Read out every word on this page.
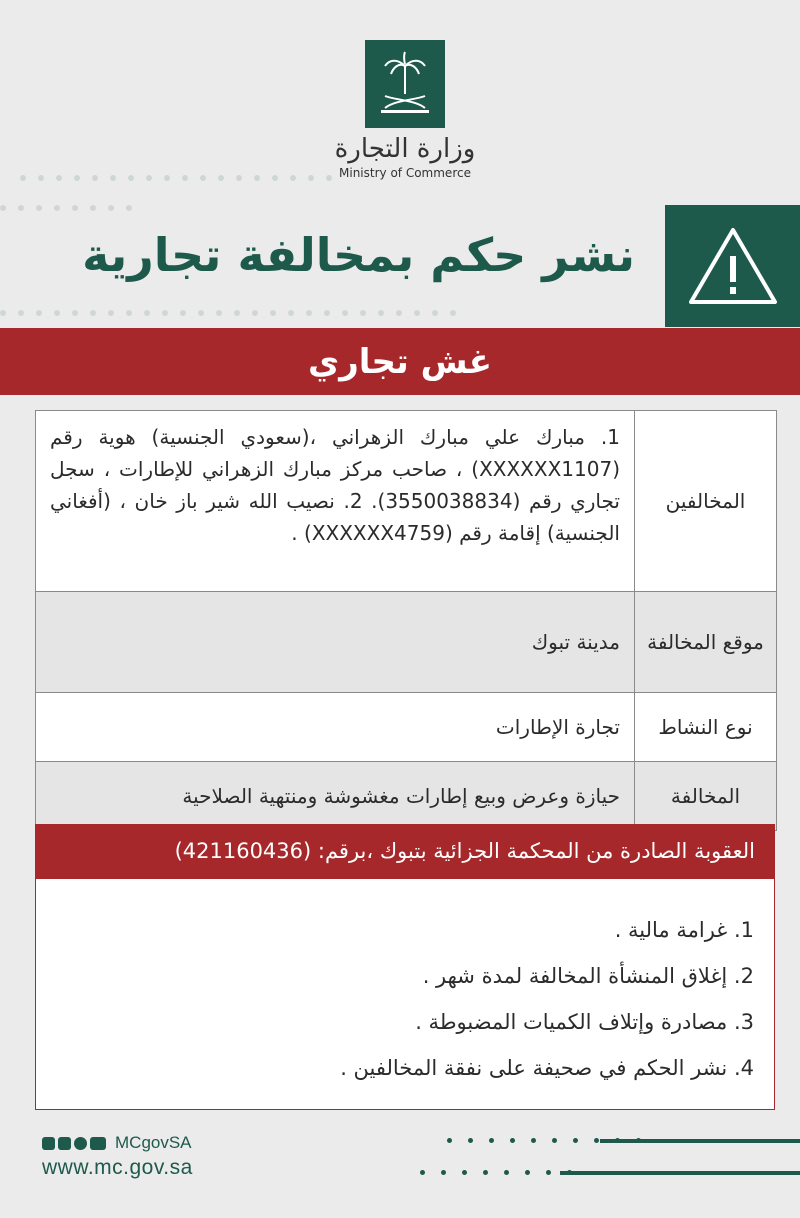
وزارة التجارة
Ministry of Commerce
نشر حكم بمخالفة تجارية
غش تجاري
المخالفين
1. مبارك علي مبارك الزهراني ،(سعودي الجنسية) هوية رقم (XXXXXX1107) ، صاحب مركز مبارك الزهراني للإطارات ، سجل تجاري رقم (3550038834). 2. نصيب الله شير باز خان ، (أفغاني الجنسية) إقامة رقم (XXXXXX4759) .
موقع المخالفة
مدينة تبوك
نوع النشاط
تجارة الإطارات
المخالفة
حيازة وعرض وبيع إطارات مغشوشة ومنتهية الصلاحية
العقوبة الصادرة من المحكمة الجزائية بتبوك ،برقم: (421160436)
1. غرامة مالية .
2. إغلاق المنشأة المخالفة لمدة شهر .
3. مصادرة وإتلاف الكميات المضبوطة .
4. نشر الحكم في صحيفة على نفقة المخالفين .
MCgovSA
www.mc.gov.sa
